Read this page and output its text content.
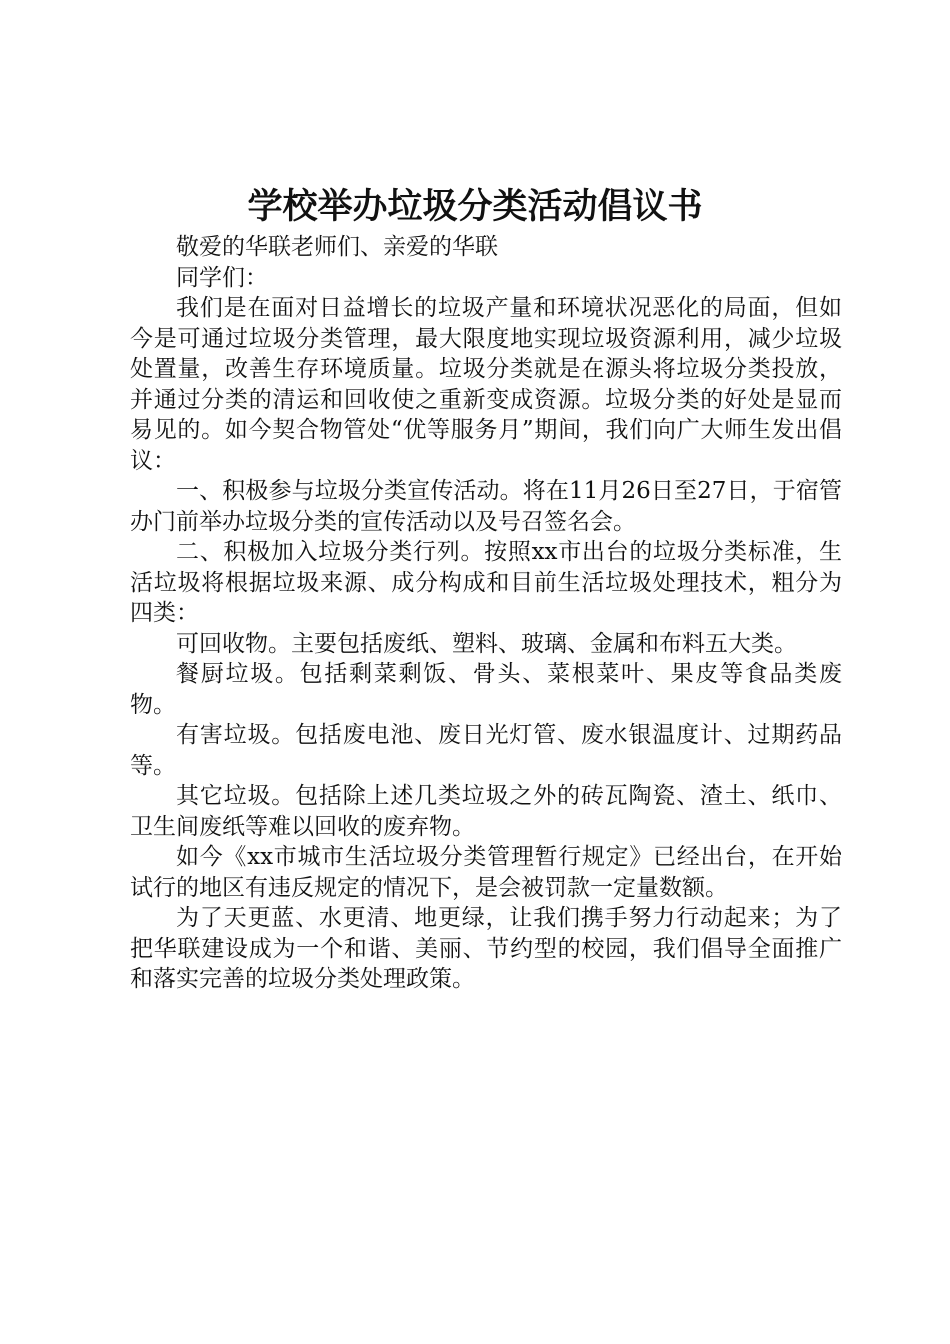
学校举办垃圾分类活动倡议书

敬爱的华联老师们、亲爱的华联

同学们：

我们是在面对日益增长的垃圾产量和环境状况恶化的局面，但如今是可通过垃圾分类管理，最大限度地实现垃圾资源利用，减少垃圾处置量，改善生存环境质量。垃圾分类就是在源头将垃圾分类投放，并通过分类的清运和回收使之重新变成资源。垃圾分类的好处是显而易见的。如今契合物管处“优等服务月”期间，我们向广大师生发出倡议：

一、积极参与垃圾分类宣传活动。将在11月26日至27日，于宿管办门前举办垃圾分类的宣传活动以及号召签名会。

二、积极加入垃圾分类行列。按照xx市出台的垃圾分类标准，生活垃圾将根据垃圾来源、成分构成和目前生活垃圾处理技术，粗分为四类：

可回收物。主要包括废纸、塑料、玻璃、金属和布料五大类。

餐厨垃圾。包括剩菜剩饭、骨头、菜根菜叶、果皮等食品类废物。

有害垃圾。包括废电池、废日光灯管、废水银温度计、过期药品等。

其它垃圾。包括除上述几类垃圾之外的砖瓦陶瓷、渣土、纸巾、卫生间废纸等难以回收的废弃物。

如今《xx市城市生活垃圾分类管理暂行规定》已经出台，在开始试行的地区有违反规定的情况下，是会被罚款一定量数额。

为了天更蓝、水更清、地更绿，让我们携手努力行动起来；为了把华联建设成为一个和谐、美丽、节约型的校园，我们倡导全面推广和落实完善的垃圾分类处理政策。
